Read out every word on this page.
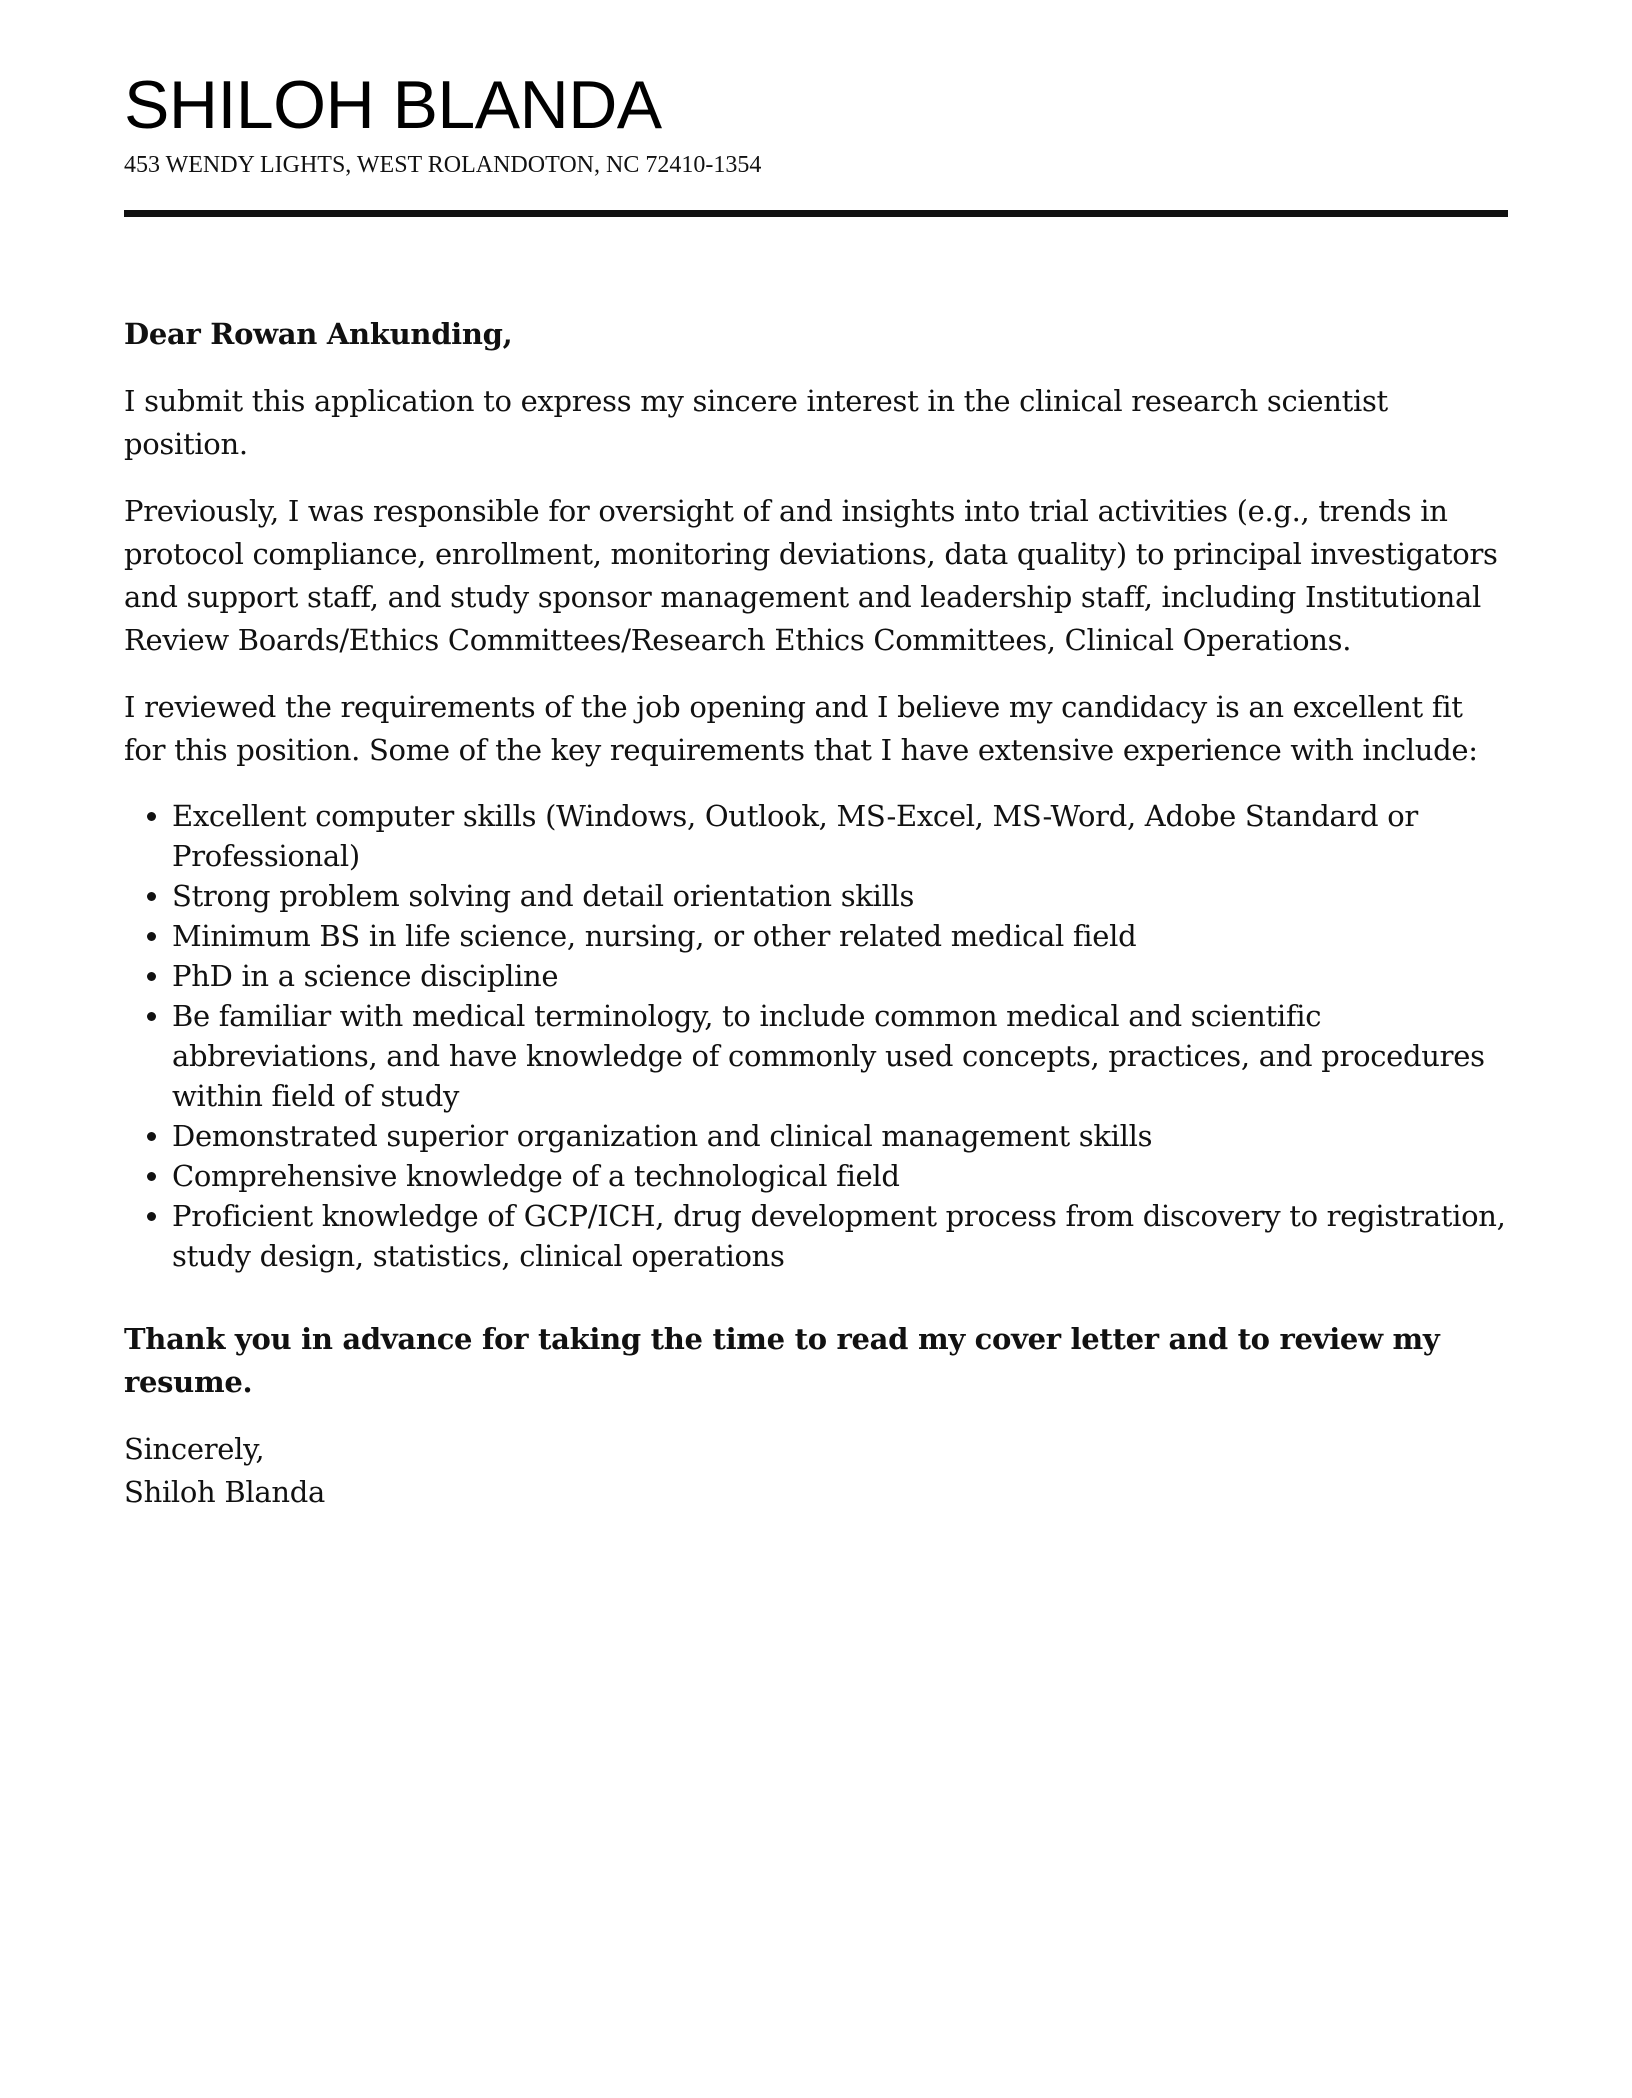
SHILOH BLANDA
453 WENDY LIGHTS, WEST ROLANDOTON, NC 72410-1354

Dear Rowan Ankunding,

I submit this application to express my sincere interest in the clinical research scientist position.

Previously, I was responsible for oversight of and insights into trial activities (e.g., trends in protocol compliance, enrollment, monitoring deviations, data quality) to principal investigators and support staff, and study sponsor management and leadership staff, including Institutional Review Boards/Ethics Committees/Research Ethics Committees, Clinical Operations.

I reviewed the requirements of the job opening and I believe my candidacy is an excellent fit for this position. Some of the key requirements that I have extensive experience with include:

• Excellent computer skills (Windows, Outlook, MS-Excel, MS-Word, Adobe Standard or Professional)
• Strong problem solving and detail orientation skills
• Minimum BS in life science, nursing, or other related medical field
• PhD in a science discipline
• Be familiar with medical terminology, to include common medical and scientific abbreviations, and have knowledge of commonly used concepts, practices, and procedures within field of study
• Demonstrated superior organization and clinical management skills
• Comprehensive knowledge of a technological field
• Proficient knowledge of GCP/ICH, drug development process from discovery to registration, study design, statistics, clinical operations

Thank you in advance for taking the time to read my cover letter and to review my resume.

Sincerely,
Shiloh Blanda
